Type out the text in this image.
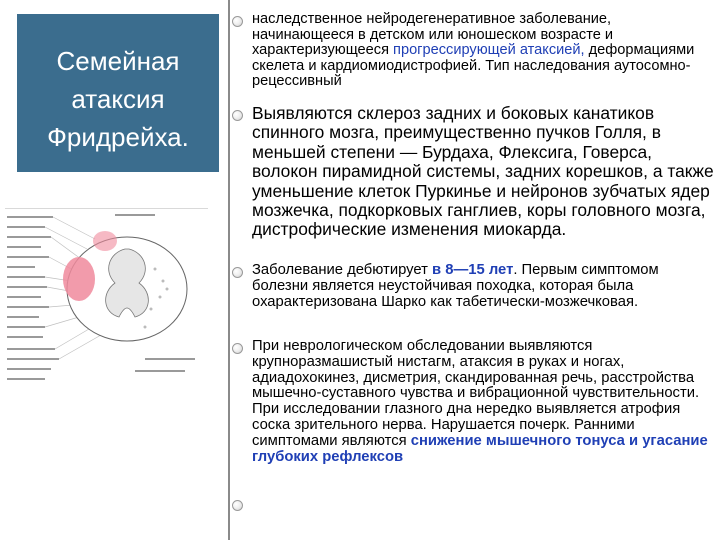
Семейная
атаксия
Фридрейха.
наследственное нейродегенеративное заболевание, начинающееся в детском или юношеском возрасте и характеризующееся прогрессирующей атаксией, деформациями скелета и кардиомиодистрофией. Тип наследования аутосомно-рецессивный
Выявляются склероз задних и боковых канатиков спинного мозга, преимущественно пучков Голля, в меньшей степени — Бурдаха, Флексига, Говерса, волокон пирамидной системы, задних корешков, а также уменьшение клеток Пуркинье и нейронов зубчатых ядер мозжечка, подкорковых ганглиев, коры головного мозга, дистрофические изменения миокарда.
Заболевание дебютирует в 8—15 лет. Первым симптомом болезни является неустойчивая походка, которая была охарактеризована Шарко как табетически-мозжечковая.
При неврологическом обследовании выявляются крупноразмашистый нистагм, атаксия в руках и ногах, адиадохокинез, дисметрия, скандированная речь, расстройства мышечно-суставного чувства и вибрационной чувствительности. При исследовании глазного дна нередко выявляется атрофия соска зрительного нерва. Нарушается почерк. Ранними симптомами являются снижение мышечного тонуса и угасание глубоких рефлексов
